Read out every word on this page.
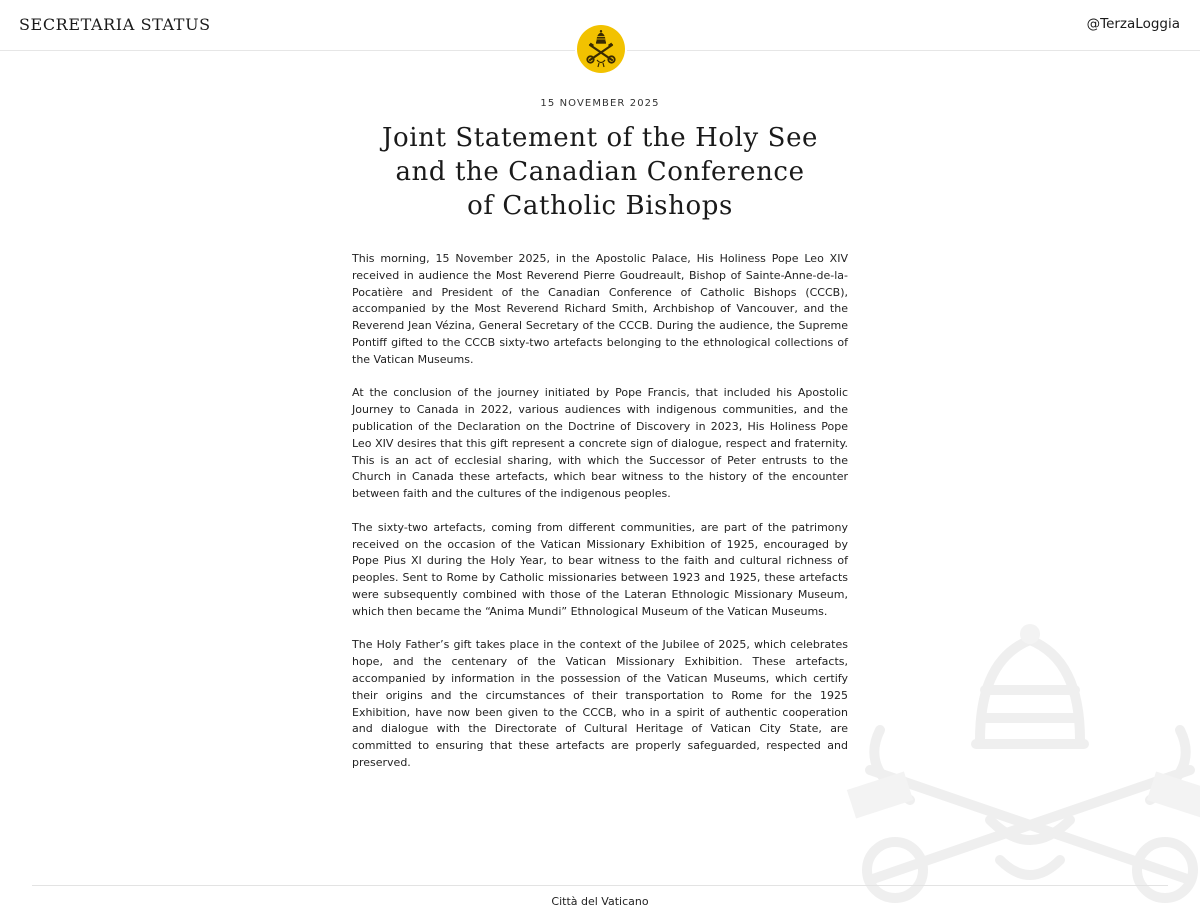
SECRETARIA STATUS	@TerzaLoggia
15 NOVEMBER 2025
Joint Statement of the Holy See
and the Canadian Conference
of Catholic Bishops

This morning, 15 November 2025, in the Apostolic Palace, His Holiness Pope Leo XIV received in audience the Most Reverend Pierre Goudreault, Bishop of Sainte-Anne-de-la-Pocatière and President of the Canadian Conference of Catholic Bishops (CCCB), accompanied by the Most Reverend Richard Smith, Archbishop of Vancouver, and the Reverend Jean Vézina, General Secretary of the CCCB. During the audience, the Supreme Pontiff gifted to the CCCB sixty-two artefacts belonging to the ethnological collections of the Vatican Museums.

At the conclusion of the journey initiated by Pope Francis, that included his Apostolic Journey to Canada in 2022, various audiences with indigenous communities, and the publication of the Declaration on the Doctrine of Discovery in 2023, His Holiness Pope Leo XIV desires that this gift represent a concrete sign of dialogue, respect and fraternity. This is an act of ecclesial sharing, with which the Successor of Peter entrusts to the Church in Canada these artefacts, which bear witness to the history of the encounter between faith and the cultures of the indigenous peoples.

The sixty-two artefacts, coming from different communities, are part of the patrimony received on the occasion of the Vatican Missionary Exhibition of 1925, encouraged by Pope Pius XI during the Holy Year, to bear witness to the faith and cultural richness of peoples. Sent to Rome by Catholic missionaries between 1923 and 1925, these artefacts were subsequently combined with those of the Lateran Ethnologic Missionary Museum, which then became the “Anima Mundi” Ethnological Museum of the Vatican Museums.

The Holy Father’s gift takes place in the context of the Jubilee of 2025, which celebrates hope, and the centenary of the Vatican Missionary Exhibition. These artefacts, accompanied by information in the possession of the Vatican Museums, which certify their origins and the circumstances of their transportation to Rome for the 1925 Exhibition, have now been given to the CCCB, who in a spirit of authentic cooperation and dialogue with the Directorate of Cultural Heritage of Vatican City State, are committed to ensuring that these artefacts are properly safeguarded, respected and preserved.

Città del Vaticano
